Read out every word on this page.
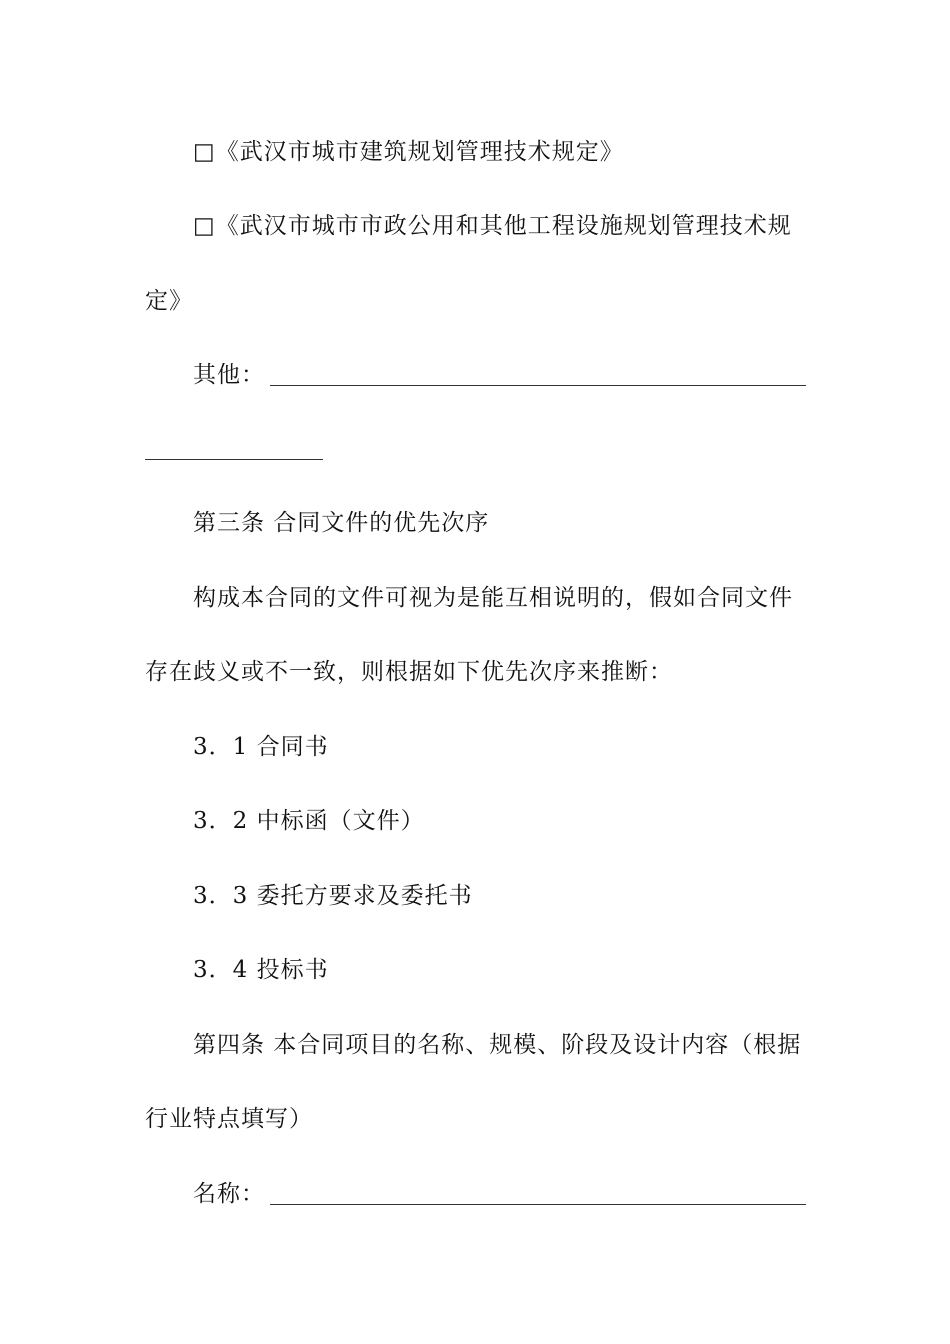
□《武汉市城市建筑规划管理技术规定》
□《武汉市城市市政公用和其他工程设施规划管理技术规
定》
其他：
第三条 合同文件的优先次序
构成本合同的文件可视为是能互相说明的，假如合同文件
存在歧义或不一致，则根据如下优先次序来推断：
3．1 合同书
3．2 中标函（文件）
3．3 委托方要求及委托书
3．4 投标书
第四条 本合同项目的名称、规模、阶段及设计内容（根据
行业特点填写）
名称：
